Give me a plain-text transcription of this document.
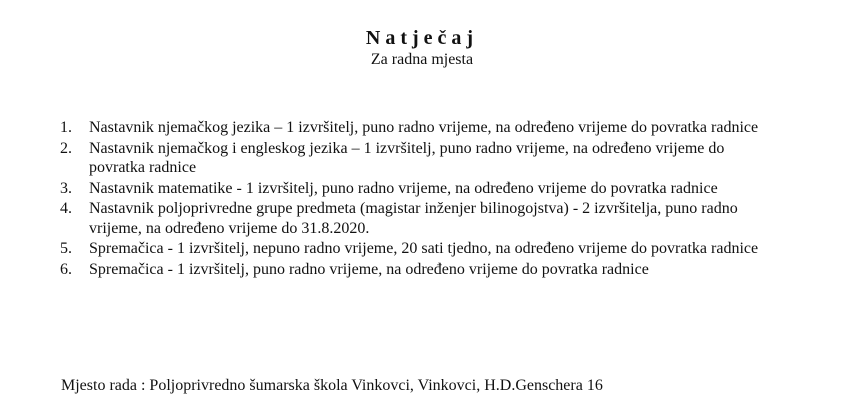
Natječaj
Za radna mjesta
1. Nastavnik njemačkog jezika – 1 izvršitelj, puno radno vrijeme, na određeno vrijeme do povratka radnice
2. Nastavnik njemačkog i engleskog jezika – 1 izvršitelj, puno radno vrijeme, na određeno vrijeme do povratka radnice
3. Nastavnik matematike - 1 izvršitelj, puno radno vrijeme, na određeno vrijeme do povratka radnice
4. Nastavnik poljoprivredne grupe predmeta (magistar inženjer bilinogojstva) - 2 izvršitelja, puno radno vrijeme, na određeno vrijeme do 31.8.2020.
5. Spremačica - 1 izvršitelj, nepuno radno vrijeme, 20 sati tjedno, na određeno vrijeme do povratka radnice
6. Spremačica - 1 izvršitelj, puno radno vrijeme, na određeno vrijeme do povratka radnice
Mjesto rada : Poljoprivredno šumarska škola Vinkovci, Vinkovci, H.D.Genschera 16
